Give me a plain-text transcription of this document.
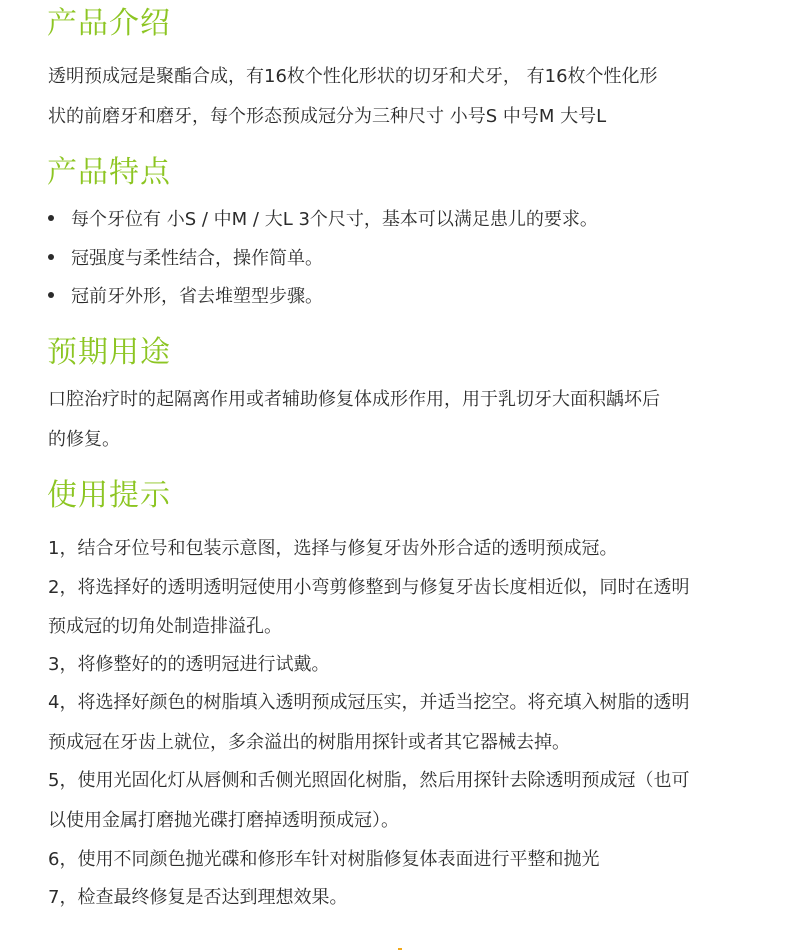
产品介绍

透明预成冠是聚酯合成，有16枚个性化形状的切牙和犬牙， 有16枚个性化形

状的前磨牙和磨牙，每个形态预成冠分为三种尺寸 小号S 中号M 大号L

产品特点
每个牙位有 小S / 中M / 大L 3个尺寸，基本可以满足患儿的要求。
冠强度与柔性结合，操作简单。
冠前牙外形，省去堆塑型步骤。
预期用途

口腔治疗时的起隔离作用或者辅助修复体成形作用，用于乳切牙大面积龋坏后

的修复。

使用提示

1，结合牙位号和包装示意图，选择与修复牙齿外形合适的透明预成冠。

2，将选择好的透明透明冠使用小弯剪修整到与修复牙齿长度相近似，同时在透明

预成冠的切角处制造排溢孔。

3，将修整好的的透明冠进行试戴。

4，将选择好颜色的树脂填入透明预成冠压实，并适当挖空。将充填入树脂的透明

预成冠在牙齿上就位，多余溢出的树脂用探针或者其它器械去掉。

5，使用光固化灯从唇侧和舌侧光照固化树脂，然后用探针去除透明预成冠（也可

以使用金属打磨抛光碟打磨掉透明预成冠）。

6，使用不同颜色抛光碟和修形车针对树脂修复体表面进行平整和抛光

7，检查最终修复是否达到理想效果。
